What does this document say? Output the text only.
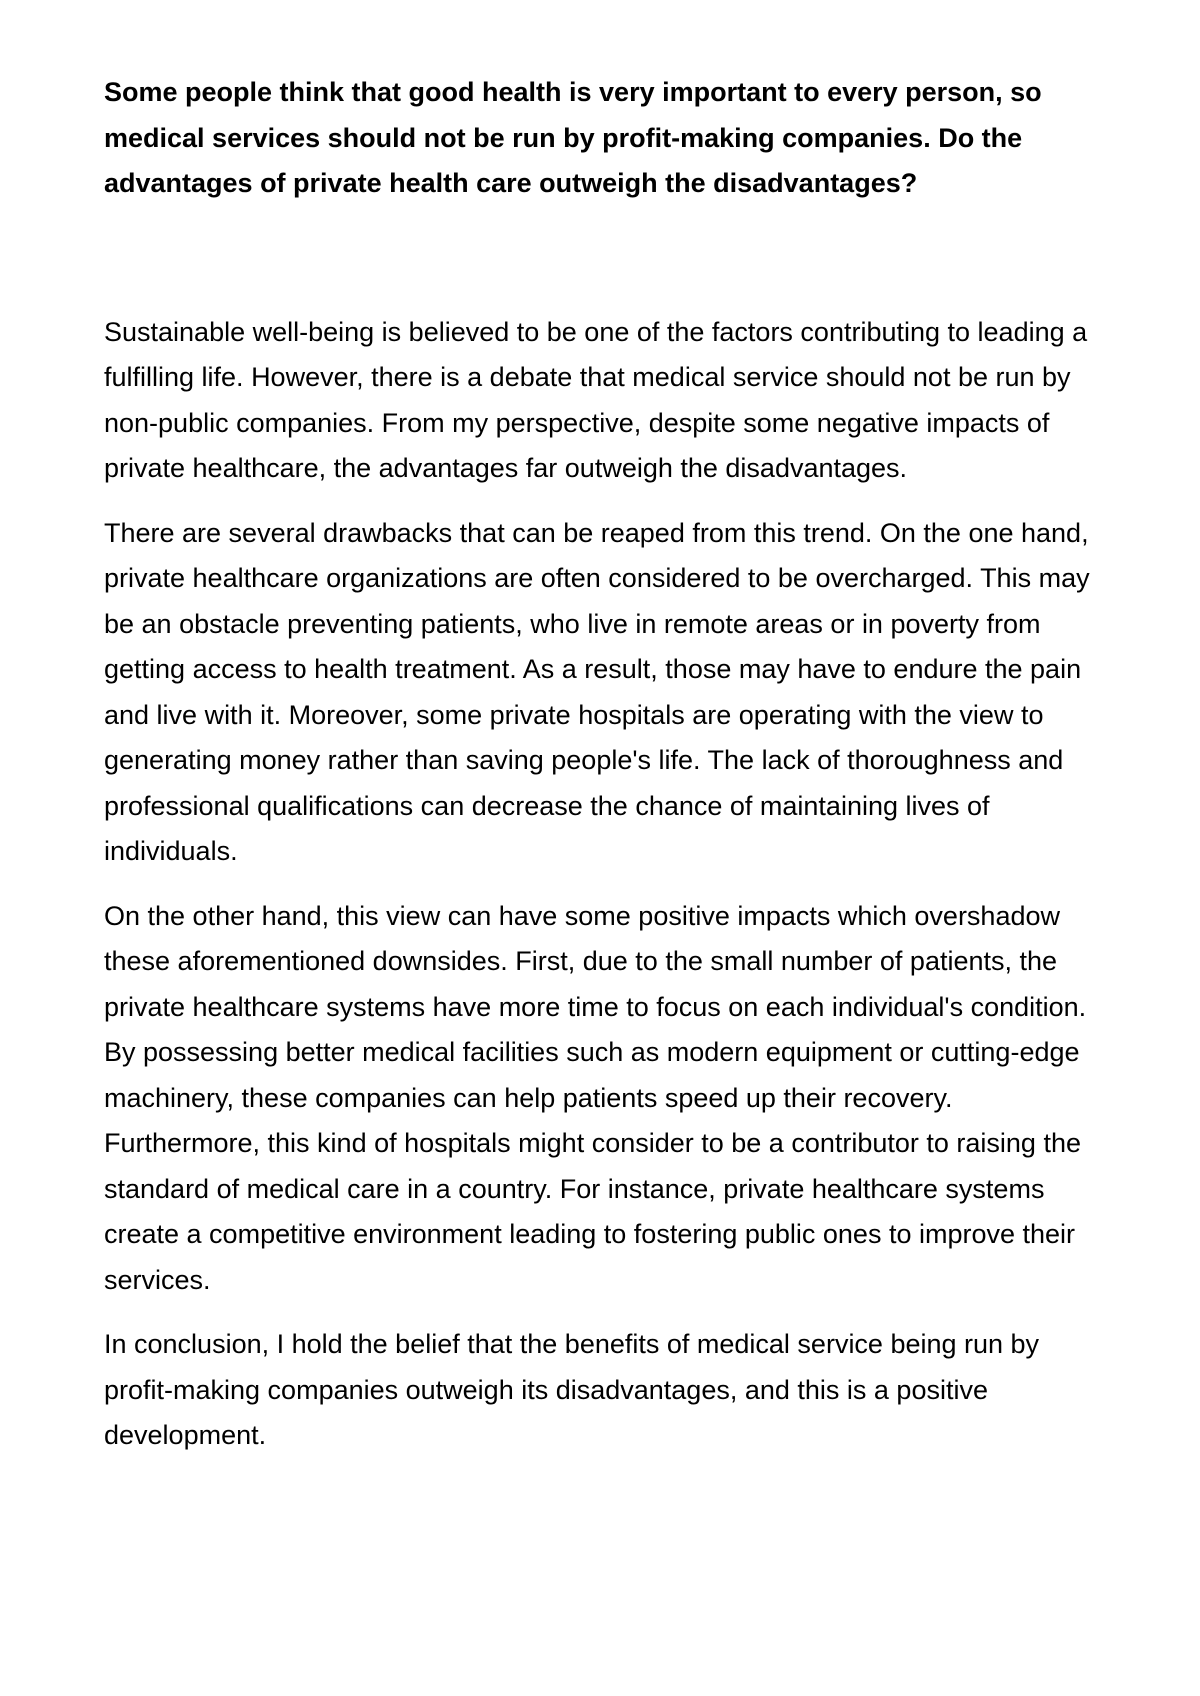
Some people think that good health is very important to every person, so medical services should not be run by profit-making companies. Do the advantages of private health care outweigh the disadvantages?

Sustainable well-being is believed to be one of the factors contributing to leading a fulfilling life. However, there is a debate that medical service should not be run by non-public companies. From my perspective, despite some negative impacts of private healthcare, the advantages far outweigh the disadvantages.

There are several drawbacks that can be reaped from this trend. On the one hand, private healthcare organizations are often considered to be overcharged. This may be an obstacle preventing patients, who live in remote areas or in poverty from getting access to health treatment. As a result, those may have to endure the pain and live with it. Moreover, some private hospitals are operating with the view to generating money rather than saving people's life. The lack of thoroughness and professional qualifications can decrease the chance of maintaining lives of individuals.

On the other hand, this view can have some positive impacts which overshadow these aforementioned downsides. First, due to the small number of patients, the private healthcare systems have more time to focus on each individual's condition. By possessing better medical facilities such as modern equipment or cutting-edge machinery, these companies can help patients speed up their recovery. Furthermore, this kind of hospitals might consider to be a contributor to raising the standard of medical care in a country. For instance, private healthcare systems create a competitive environment leading to fostering public ones to improve their services.

In conclusion, I hold the belief that the benefits of medical service being run by profit-making companies outweigh its disadvantages, and this is a positive development.
